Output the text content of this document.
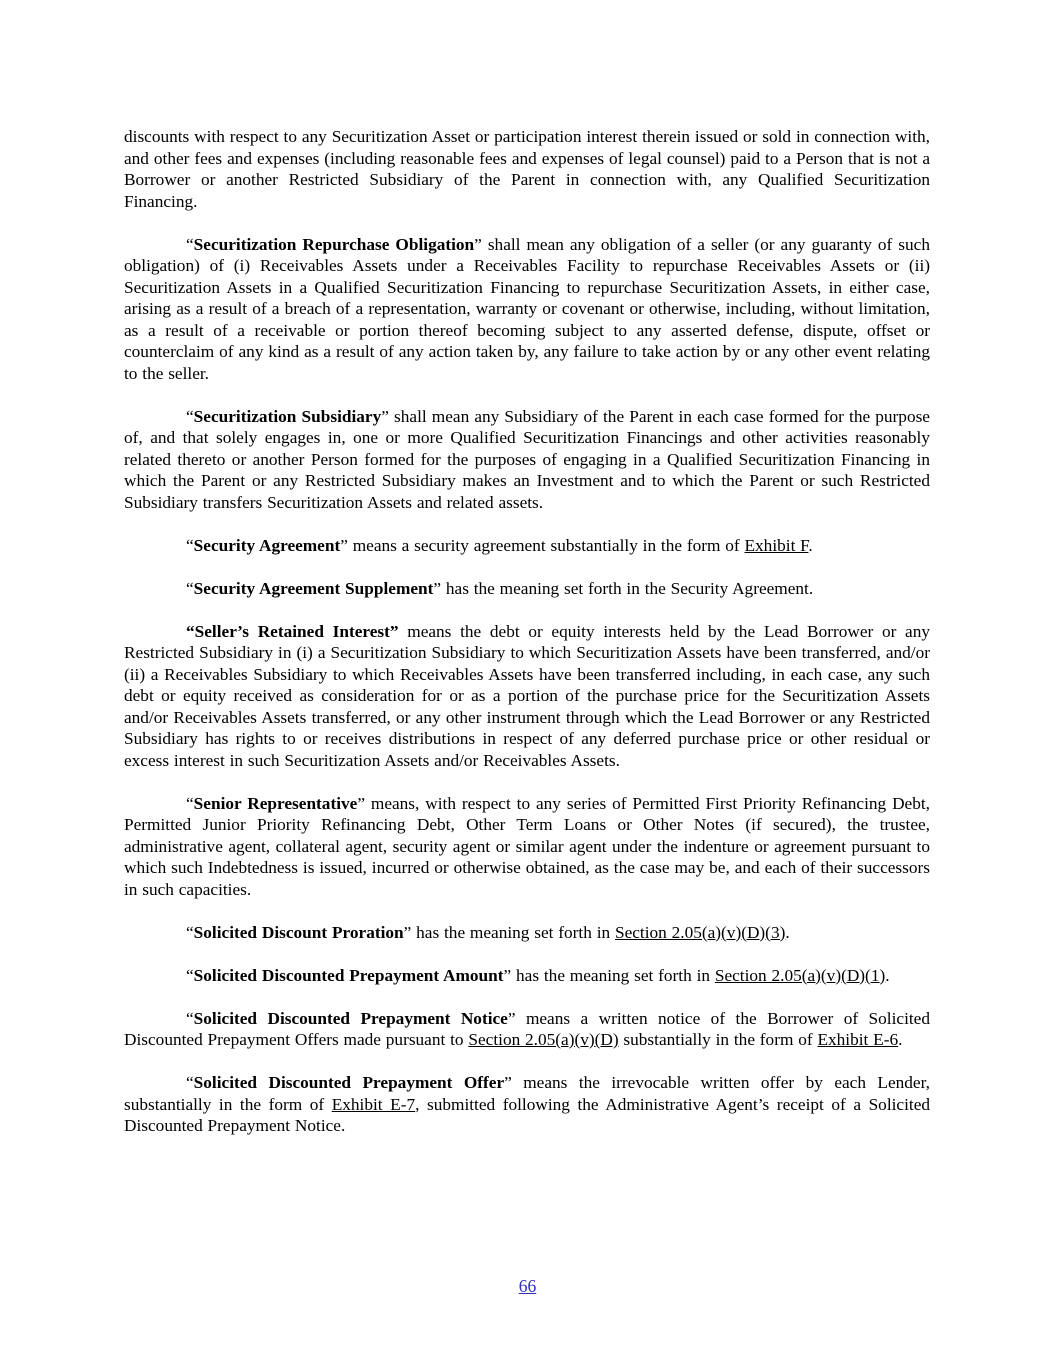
discounts with respect to any Securitization Asset or participation interest therein issued or sold in connection with, and other fees and expenses (including reasonable fees and expenses of legal counsel) paid to a Person that is not a Borrower or another Restricted Subsidiary of the Parent in connection with, any Qualified Securitization Financing.

“Securitization Repurchase Obligation” shall mean any obligation of a seller (or any guaranty of such obligation) of (i) Receivables Assets under a Receivables Facility to repurchase Receivables Assets or (ii) Securitization Assets in a Qualified Securitization Financing to repurchase Securitization Assets, in either case, arising as a result of a breach of a representation, warranty or covenant or otherwise, including, without limitation, as a result of a receivable or portion thereof becoming subject to any asserted defense, dispute, offset or counterclaim of any kind as a result of any action taken by, any failure to take action by or any other event relating to the seller.

“Securitization Subsidiary” shall mean any Subsidiary of the Parent in each case formed for the purpose of, and that solely engages in, one or more Qualified Securitization Financings and other activities reasonably related thereto or another Person formed for the purposes of engaging in a Qualified Securitization Financing in which the Parent or any Restricted Subsidiary makes an Investment and to which the Parent or such Restricted Subsidiary transfers Securitization Assets and related assets.

“Security Agreement” means a security agreement substantially in the form of Exhibit F.

“Security Agreement Supplement” has the meaning set forth in the Security Agreement.

“Seller’s Retained Interest” means the debt or equity interests held by the Lead Borrower or any Restricted Subsidiary in (i) a Securitization Subsidiary to which Securitization Assets have been transferred, and/or (ii) a Receivables Subsidiary to which Receivables Assets have been transferred including, in each case, any such debt or equity received as consideration for or as a portion of the purchase price for the Securitization Assets and/or Receivables Assets transferred, or any other instrument through which the Lead Borrower or any Restricted Subsidiary has rights to or receives distributions in respect of any deferred purchase price or other residual or excess interest in such Securitization Assets and/or Receivables Assets.

“Senior Representative” means, with respect to any series of Permitted First Priority Refinancing Debt, Permitted Junior Priority Refinancing Debt, Other Term Loans or Other Notes (if secured), the trustee, administrative agent, collateral agent, security agent or similar agent under the indenture or agreement pursuant to which such Indebtedness is issued, incurred or otherwise obtained, as the case may be, and each of their successors in such capacities.

“Solicited Discount Proration” has the meaning set forth in Section 2.05(a)(v)(D)(3).

“Solicited Discounted Prepayment Amount” has the meaning set forth in Section 2.05(a)(v)(D)(1).

“Solicited Discounted Prepayment Notice” means a written notice of the Borrower of Solicited Discounted Prepayment Offers made pursuant to Section 2.05(a)(v)(D) substantially in the form of Exhibit E-6.

“Solicited Discounted Prepayment Offer” means the irrevocable written offer by each Lender, substantially in the form of Exhibit E-7, submitted following the Administrative Agent’s receipt of a Solicited Discounted Prepayment Notice.

66
